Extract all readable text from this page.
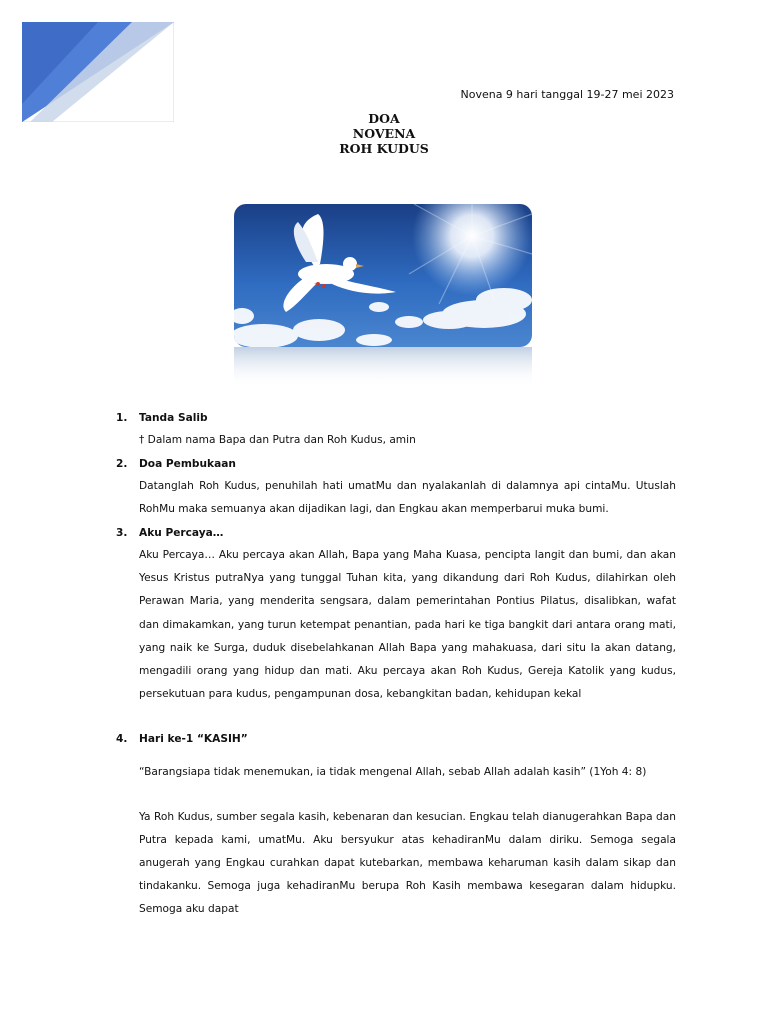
Novena 9 hari tanggal 19-27 mei 2023
DOA
NOVENA
ROH KUDUS
1.	Tanda Salib
† Dalam nama Bapa dan Putra dan Roh Kudus, amin
2.	Doa Pembukaan
Datanglah Roh Kudus, penuhilah hati umatMu dan nyalakanlah di dalamnya api cintaMu. Utuslah RohMu maka semuanya akan dijadikan lagi, dan Engkau akan memperbarui muka bumi.
3.	Aku Percaya…
Aku Percaya… Aku percaya akan Allah, Bapa yang Maha Kuasa, pencipta langit dan bumi, dan akan Yesus Kristus putraNya yang tunggal Tuhan kita, yang dikandung dari Roh Kudus, dilahirkan oleh Perawan Maria, yang menderita sengsara, dalam pemerintahan Pontius Pilatus, disalibkan, wafat dan dimakamkan, yang turun ketempat penantian, pada hari ke tiga bangkit dari antara orang mati, yang naik ke Surga, duduk disebelahkanan Allah Bapa yang mahakuasa, dari situ Ia akan datang, mengadili orang yang hidup dan mati. Aku percaya akan Roh Kudus, Gereja Katolik yang kudus, persekutuan para kudus, pengampunan dosa, kebangkitan badan, kehidupan kekal
4.	Hari ke-1 “KASIH”
“Barangsiapa tidak menemukan, ia tidak mengenal Allah, sebab Allah adalah kasih” (1Yoh 4: 8)
Ya Roh Kudus, sumber segala kasih, kebenaran dan kesucian. Engkau telah dianugerahkan Bapa dan Putra kepada kami, umatMu. Aku bersyukur atas kehadiranMu dalam diriku. Semoga segala anugerah yang Engkau curahkan dapat kutebarkan, membawa keharuman kasih dalam sikap dan tindakanku. Semoga juga kehadiranMu berupa Roh Kasih membawa kesegaran dalam hidupku. Semoga aku dapat
